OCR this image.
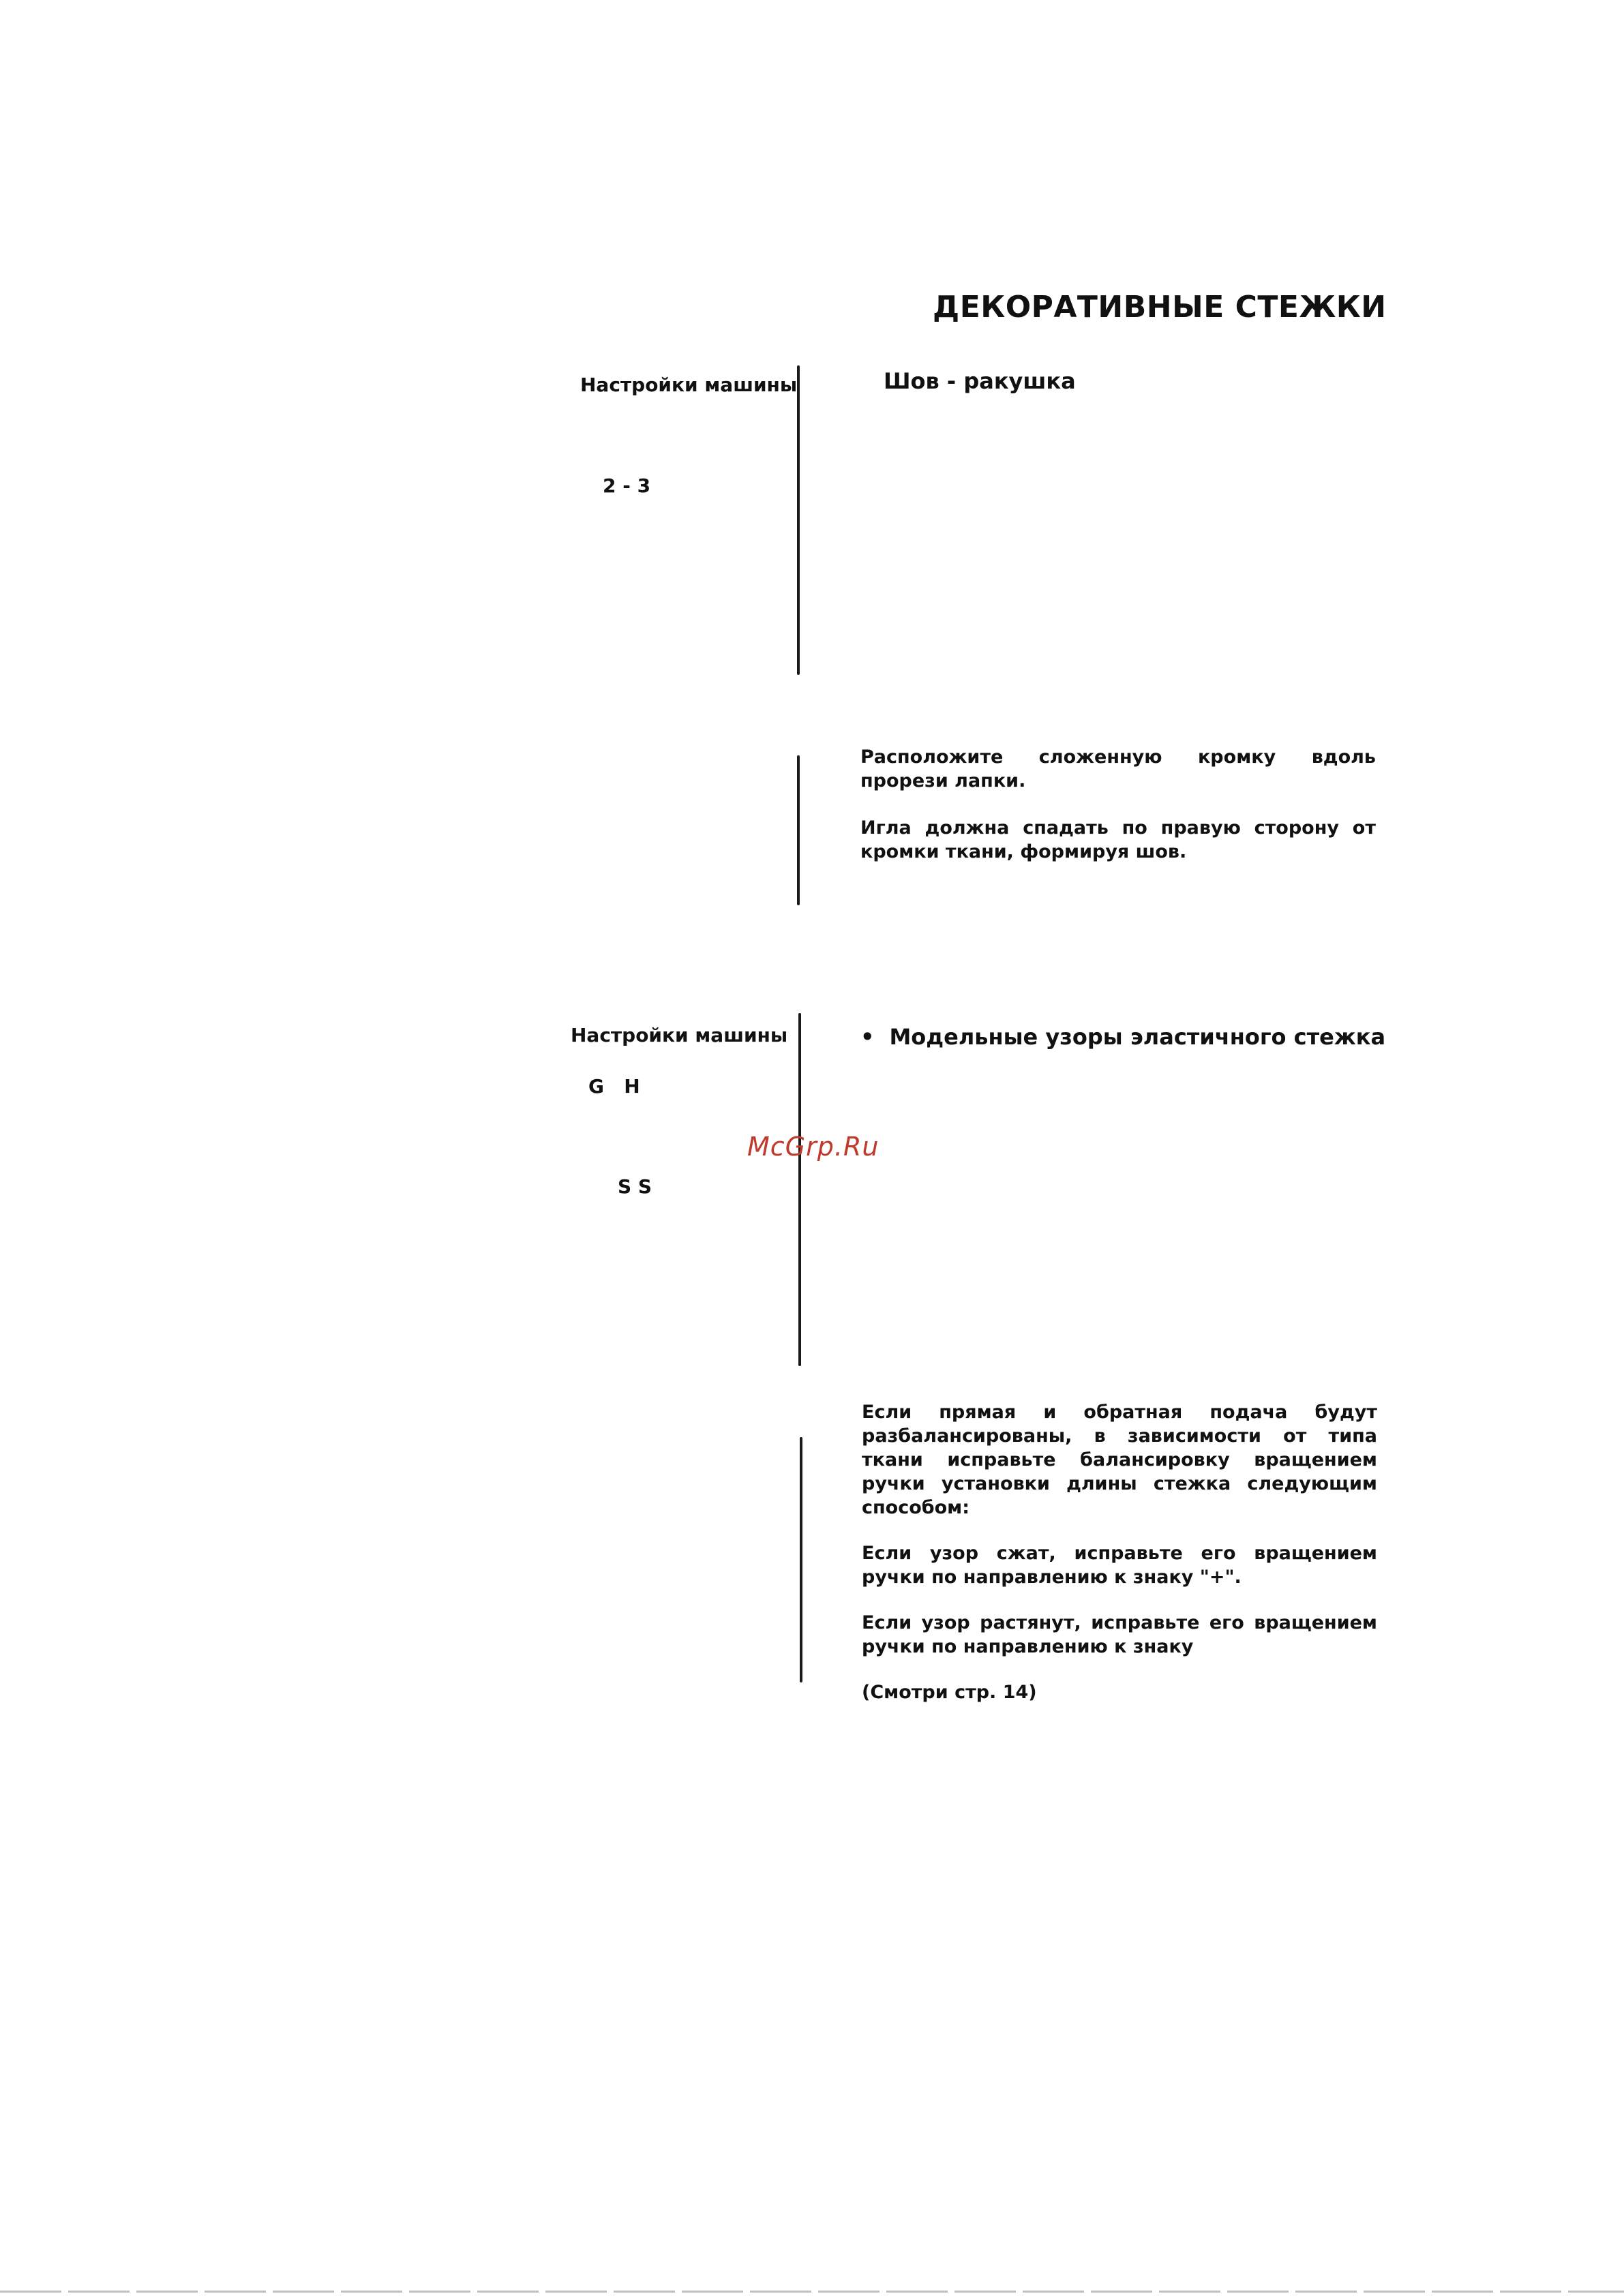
ДЕКОРАТИВНЫЕ СТЕЖКИ
Настройки машины
2 - 3
Шов - ракушка

Расположите сложенную кромку вдоль прорези лапки.

Игла должна спадать по правую сторону от кромки ткани, формируя шов.

Настройки машины
G   H
S S
• Модельные узоры эластичного стежка
McGrp.Ru

Если прямая и обратная подача будут разбалансированы, в зависимости от типа ткани исправьте балансировку вращением ручки установки длины стежка следующим способом:

Если узор сжат, исправьте его вращением ручки по направлению к знаку "+".

Если узор растянут, исправьте его вращением ручки по направлению к знаку

(Смотри стр. 14)
